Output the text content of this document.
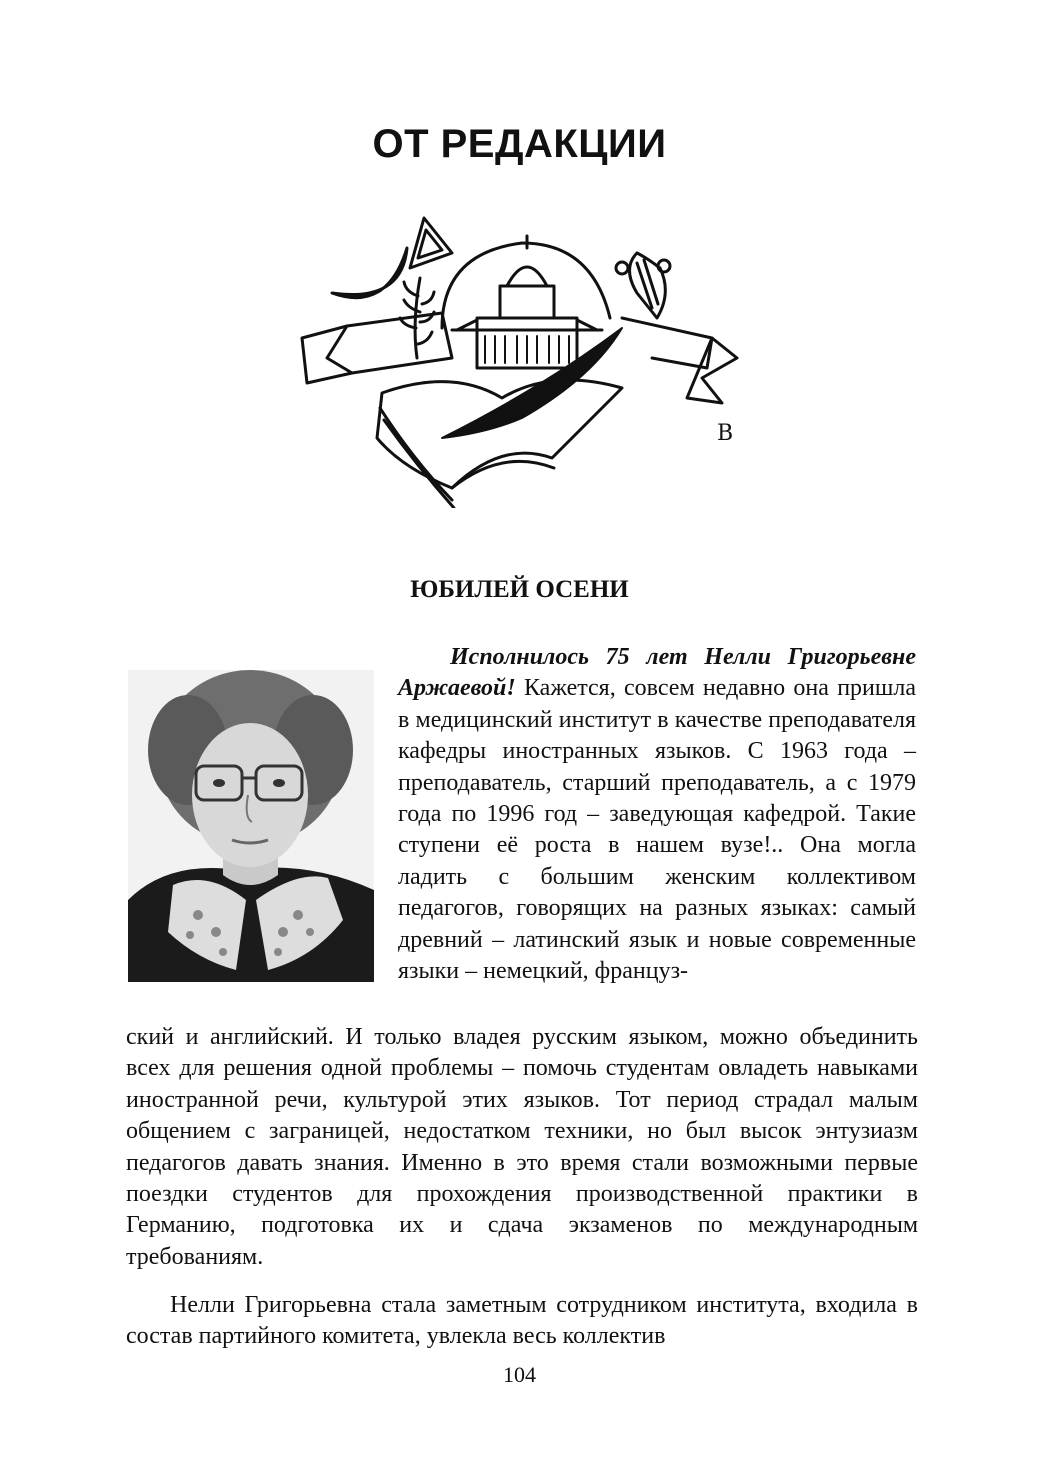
ОТ РЕДАКЦИИ
В
ЮБИЛЕЙ ОСЕНИ

Исполнилось 75 лет Нелли Григорьевне Аржаевой! Кажется, совсем недавно она пришла в медицинский институт в качестве преподавателя кафедры иностранных языков. С 1963 года – преподаватель, старший преподаватель, а с 1979 года по 1996 год – заведующая кафедрой. Такие ступени её роста в нашем вузе!.. Она могла ладить с большим женским коллективом педагогов, говорящих на разных языках: самый древний – латинский язык и новые современные языки – немецкий, француз-

ский и английский. И только владея русским языком, можно объединить всех для решения одной проблемы – помочь студентам овладеть навыками иностранной речи, культурой этих языков. Тот период страдал малым общением с заграницей, недостатком техники, но был высок энтузиазм педагогов давать знания. Именно в это время стали возможными первые поездки студентов для прохождения производственной практики в Германию, подготовка их и сдача экзаменов по международным требованиям.

Нелли Григорьевна стала заметным сотрудником института, входила в состав партийного комитета, увлекла весь коллектив

104
